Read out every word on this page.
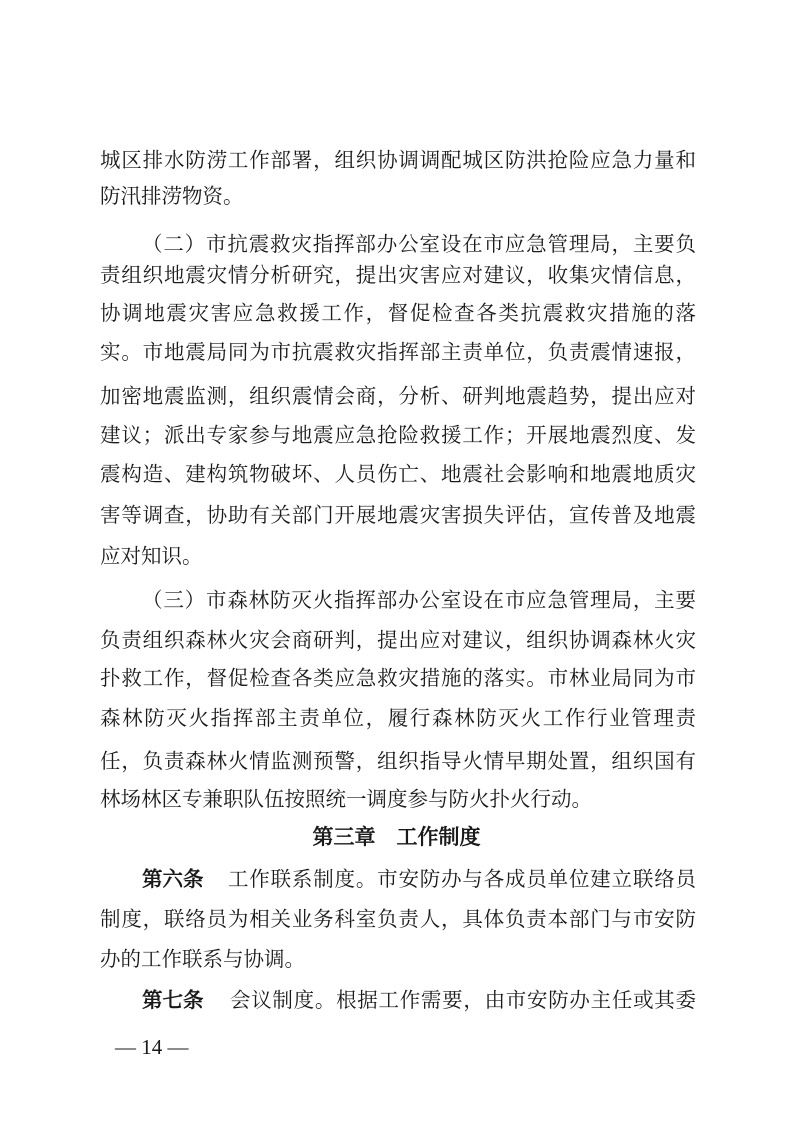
城区排水防涝工作部署，组织协调调配城区防洪抢险应急力量和
防汛排涝物资。
（二）市抗震救灾指挥部办公室设在市应急管理局，主要负
责组织地震灾情分析研究，提出灾害应对建议，收集灾情信息，
协调地震灾害应急救援工作，督促检查各类抗震救灾措施的落
实。市地震局同为市抗震救灾指挥部主责单位，负责震情速报，
加密地震监测，组织震情会商，分析、研判地震趋势，提出应对
建议；派出专家参与地震应急抢险救援工作；开展地震烈度、发
震构造、建构筑物破坏、人员伤亡、地震社会影响和地震地质灾
害等调查，协助有关部门开展地震灾害损失评估，宣传普及地震
应对知识。
（三）市森林防灭火指挥部办公室设在市应急管理局，主要
负责组织森林火灾会商研判，提出应对建议，组织协调森林火灾
扑救工作，督促检查各类应急救灾措施的落实。市林业局同为市
森林防灭火指挥部主责单位，履行森林防灭火工作行业管理责
任，负责森林火情监测预警，组织指导火情早期处置，组织国有
林场林区专兼职队伍按照统一调度参与防火扑火行动。
第三章　工作制度
第六条	工作联系制度。市安防办与各成员单位建立联络员
制度，联络员为相关业务科室负责人，具体负责本部门与市安防
办的工作联系与协调。
第七条	会议制度。根据工作需要，由市安防办主任或其委
— 14 —
